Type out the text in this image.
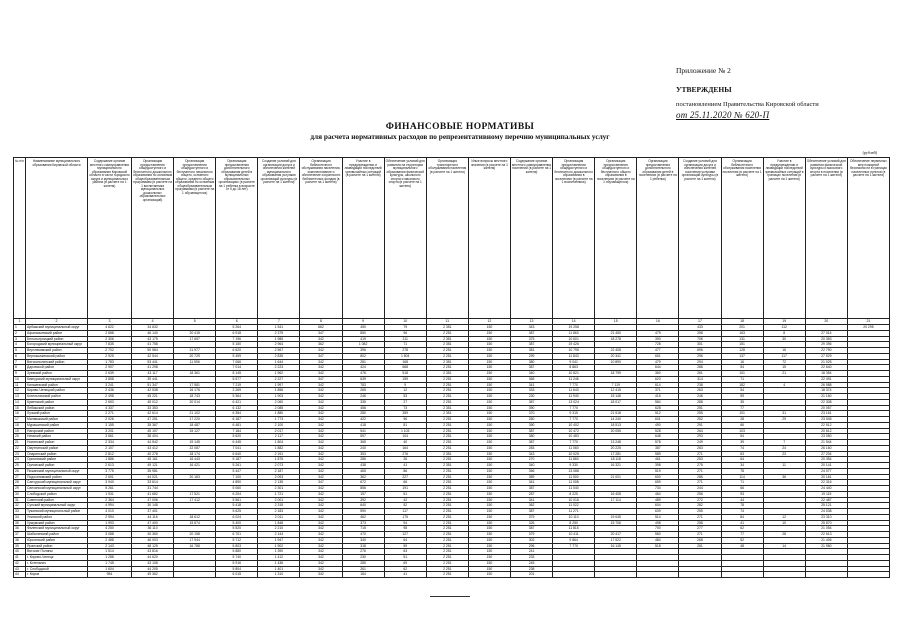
Приложение № 2
УТВЕРЖДЕНЫ
постановлением Правительства Кировской области
от 25.11.2020 № 620-П
ФИНАНСОВЫЕ НОРМАТИВЫ
для расчета нормативных расходов по репрезентативному перечню муниципальных услуг
(рублей)
№ п/п	Наименование муниципального образования Кировской области	Содержание органов местного самоуправления муниципального образования Кировской области в части городского округа и муниципального района (в расчете на 1 жителя)	Организация предоставления общедоступного и бесплатного дошкольного образования по основным общеобразовательным программам (в расчете на 1 воспитанника муниципальных дошкольных образовательных организаций)	Организация предоставления общедоступного и бесплатного начального общего, основного общего, среднего общего образования по основным общеобразовательным программам (в расчете на 1 обучающегося)	Организация предоставления дополнительного образования детей в муниципальных образовательных организациях (в расчете на 1 ребенка в возрасте от 5 до 18 лет)	Создание условий для организации досуга и обеспечения жителей муниципального образования услугами организаций культуры (в расчете на 1 жителя)	Организация библиотечного обслуживания населения, комплектование и обеспечение сохранности библиотечных фондов (в расчете на 1 жителя)	Участие в предупреждении и ликвидации последствий чрезвычайных ситуаций (в расчете на 1 жителя)	Обеспечение условий для развития на территории муниципального образования физической культуры, школьного спорта и массового спорта (в расчете на 1 жителя)	Организация транспортного обслуживания населения (в расчете на 1 жителя)	Иные вопросы местного значения (в расчете на 1 жителя)	Содержание органов местного самоуправления поселений (в расчете на 1 жителя)	Организация предоставления общедоступного и бесплатного дошкольного образования в поселениях (в расчете на 1 воспитанника)	Организация предоставления общедоступного и бесплатного общего образования в поселениях (в расчете на 1 обучающегося)	Организация предоставления дополнительного образования детей в поселениях (в расчете на 1 ребенка)	Создание условий для организации досуга и обеспечения жителей поселения услугами организаций культуры (в расчете на 1 жителя)	Организация библиотечного обслуживания населения поселения (в расчете на 1 жителя)	Участие в предупреждении и ликвидации последствий чрезвычайных ситуаций в границах поселения (в расчете на 1 жителя)	Обеспечение условий для развития физической культуры и массового спорта в поселении (в расчете на 1 жителя)	Обеспечение первичных мер пожарной безопасности в границах населенных пунктов (в расчете на 1 жителя)
1	2	3	4	5	6	7	8	9	10	11	12	13	14	15	16	17	18	19	20	21
1	Арбажский муниципальный округ	4 622	34 632		5 264	1 541	662	450	79	2 351	150	343	19 258			433	201	112		20 295
2	Афанасьевский район	2 688	46 140	20 415	6 918	2 379	347	850	96	2 251	150	387	11 863	21 450	479	258	163	8	27 014	
3	Белохолуницкий район	2 306	43 175	17 657	7 196	1 985	342	419	211	2 351	150	375	10 601	18 278	390	706	131	30	20 353	
4	Богородский муниципальный округ	7 835	41 758		5 150	2 964	362	1 082	71	2 351	150	387	19 426		728	301	151		29 396	
5	Верхнекамский район	2 702	50 584	21 977	6 620	2 567	342	396	278	2 251	150	381	10 795	22 408	477	696	128	16	22 790	
6	Верхошижемский район	2 925	42 544	20 729	5 459	2 835	347	802	1 804	2 251	150	299	11 843	20 341	651	296	137	117	27 529	
7	Вятскополянский район	1 783	53 441	11 596	7 066	1 644	342	281	168	2 351	150	380	9 041	10 890	479	294	16	72	21 025	
8	Даровской район	2 907	41 298		7 014	2 223	342	424	568	2 251	150	387	8 863		644	286	54	15	22 640	
9	Зуевский район	2 639	43 117	18 361	8 145	1 962	342	476	518	2 351	150	340	10 821	18 799	360	261	101	21	18 354	
10	Кикнурский муниципальный округ	3 858	39 441		5 577	2 227	347	639	159	2 251	150	365	11 246		623	314	71		22 491	
11	Кильмезский район	3 241	51 347	17 581	7 219	1 997	342	783	9	2 251	150	341	7 770	7 119	614	238	182	4	26 988	
12	Кирово-Чепецкий район	2 436	42 538	16 176	2 269	1 856	342	265	12	2 251	150	333	11 643	12 415	371	263	54		18 374	
13	Котельничский район	2 498	45 221	18 743	5 364	1 903	342	246	53	2 251	150	230	11 940	15 148	416	246	59		21 160	
14	Куменский район	2 653	45 012	20 014	6 421	2 060	342	335	27	2 251	150	387	13 024	18 017	584	288	35		22 308	
15	Лебяжский район	4 337	33 353		6 132	2 085	342	456	73	2 351	150	390	7 770		628	251	77		20 057	
16	Лузский район	2 271	42 614	21 102	6 354	1 880	342	280	359	2 351	150	370	9 315	21 518	512	255	101	31	23 161	
17	Малмыжский район	2 026	47 251	17 220	6 187	1 773	342	422	96	2 251	150	250	7 770	14 240	601	252	28	29	23 045	
18	Мурашинский район	3 155	35 367	18 487	6 481	2 100	342	418	81	2 251	150	390	10 402	18 513	490	291	66		22 512	
19	Нагорский район	3 201	45 107	15 127	7 184	2 017	342	541	1 103	2 251	150	387	10 472	20 055	528	264	103		20 612	
20	Немский район	3 661	38 404		5 620	2 117	342	597	104	2 251	150	380	10 483		648	293	54		23 050	
21	Нолинский район	2 334	44 542	19 145	6 445	1 804	342	365	40	2 251	150	387	7 770	13 248	578	249	39	7	21 544	
22	Омутнинский район	2 107	43 412	22 087	7 041	1 882	342	240	164	2 251	150	283	11 060	20 225	387	263	74	24	26 160	
23	Опаринский район	2 812	40 278	18 174	6 640	2 191	342	353	276	2 351	150	343	10 025	17 281	589	271	63	23	27 204	
24	Оричевский район	1 886	45 161	16 443	5 187	1 875	342	286	26	2 251	150	270	11 860	18 118	461	253	64		20 354	
25	Орловский район	2 613	49 121	16 421	5 261	2 073	342	438	41	2 351	150	340	9 330	16 321	398	275	34	11	20 141	
26	Пижанский муниципальный округ	3 775	35 981		5 447	2 187	342	465	86	2 251	150	356	13 088		519	271	78		24 077	
27	Подосиновский район	2 601	44 021	20 183	7 100	2 093	342	362	227	2 251	150	389	11 500	21 001	600	286	114	36	20 161	
28	Санчурский муниципальный округ	3 940	33 614		4 890	2 135	347	672	66	2 251	150	341	11 008		659	271	71		22 316	
29	Свечинский муниципальный округ	5 261	31 744		5 060	2 301	342	856	191	2 251	150	387	11 040		734	244	66		24 440	
30	Слободской район	1 931	41 682	17 521	6 204	1 721	342	197	51	2 251	150	287	8 225	16 408	464	256	93		19 115	
31	Советский район	2 364	47 006	17 412	5 561	2 001	342	392	42	2 251	150	341	10 016	17 114	489	272	44		22 487	
32	Сунский муниципальный округ	4 994	30 148		5 418	2 315	342	640	52	2 251	150	362	11 022		604	282	78		25 121	
33	Тужинский муниципальный район	4 010	37 401		5 625	2 183	342	590	117	2 251	150	387	11 271		639	255	74		24 038	
34	Унинский район	2 994	44 116	18 612	6 024	2 011	342	462	175	2 251	150	379	10 110	19 045	514	271	84	12	23 310	
35	Уржумский район	1 993	47 400	15 874	5 400	1 848	342	373	94	2 251	150	326	8 250	15 706	498	258	41	10	25 870	
36	Фаленский муниципальный округ	4 250	36 110		5 520	2 210	342	715	98	2 251	150	387	11 815		700	277	62		21 054	
37	Шабалинский район	3 088	40 360	20 158	6 701	2 144	342	470	127	2 251	150	379	10 411	20 417	560	271	77	28	22 613	
38	Юрьянский район	2 488	46 003	17 944	5 712	1 947	342	340	64	2 251	150	302	9 864	17 522	484	268	52		21 406	
39	Яранский район	2 143	48 125	16 788	5 803	1 902	342	318	59	2 251	150	296	7 770	16 145	518	261	48	14	21 980	
40	Вятские Поляны	1 514	43 816		5 880	1 390	342	276	63	2 251	150	241								
41	г. Кирово-Чепецк	1 288	44 620		5 740	1 412	342	230	51	2 251	150	233								
42	г. Котельнич	1 745	43 108		5 916	1 436	342	285	69	2 251	150	245								
43	г. Слободской	1 604	44 205		5 804	1 401	342	261	62	2 251	150	238								
44	г. Киров	954	49 362		6 015	1 310	342	184	41	2 251	150	201								
